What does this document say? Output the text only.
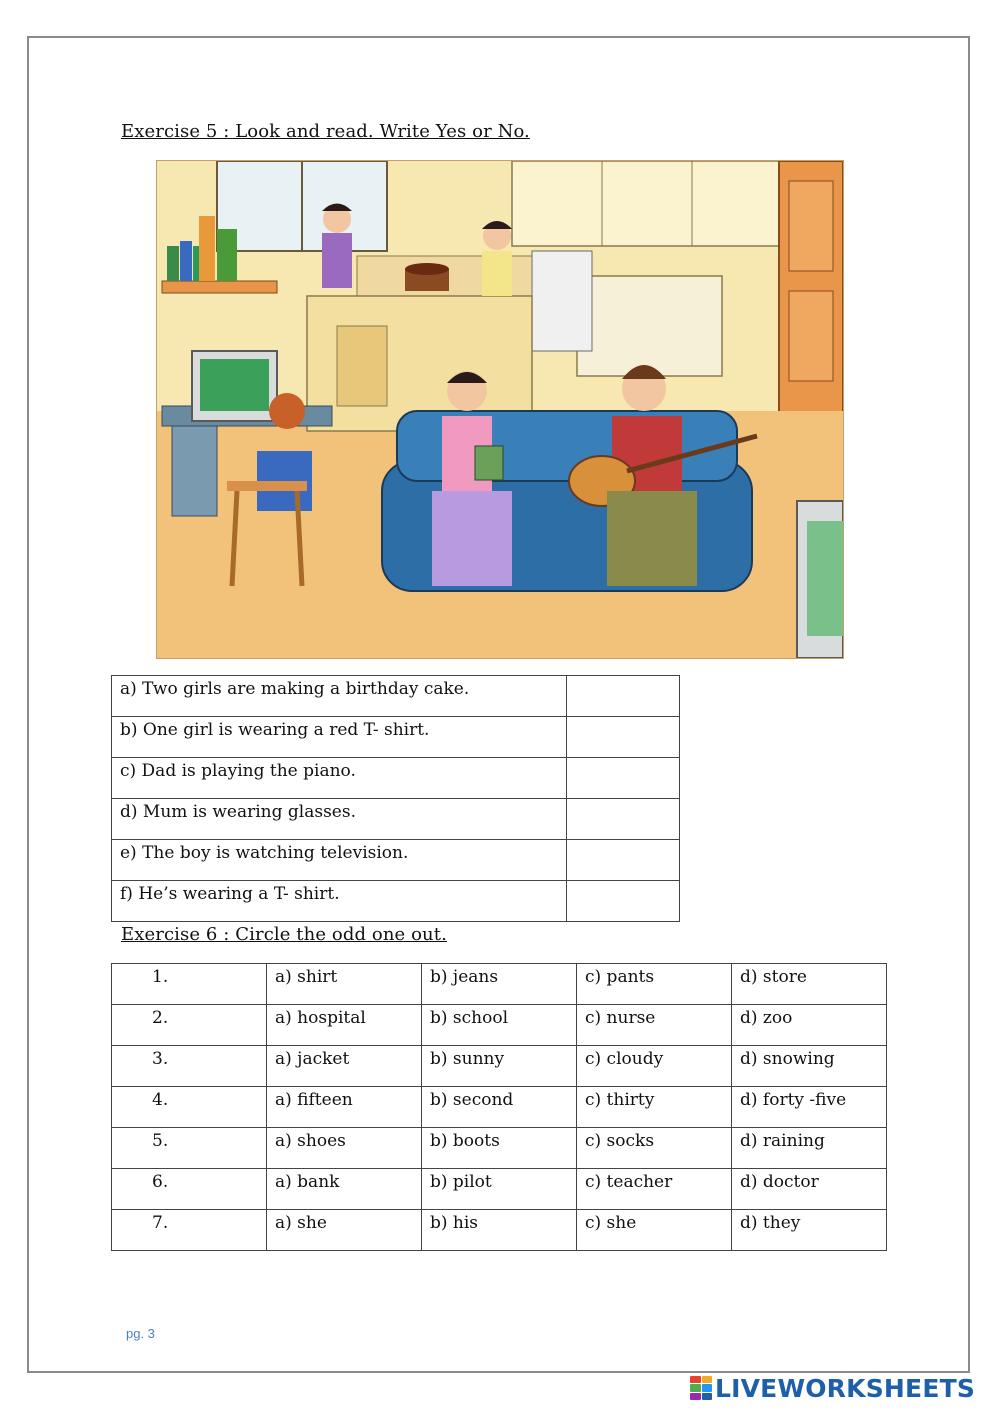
Exercise 5 : Look and read. Write Yes or No.
a) Two girls are making a birthday cake.	
b) One girl is wearing a red T- shirt.	
c) Dad is playing the piano.	
d) Mum is wearing glasses.	
e) The boy is watching television.	
f) He’s wearing a T- shirt.	
Exercise 6 : Circle the odd one out.
1.	a) shirt	b) jeans	c) pants	d) store
2.	a) hospital	b) school	c) nurse	d) zoo
3.	a) jacket	b) sunny	c) cloudy	d) snowing
4.	a) fifteen	b) second	c) thirty	d) forty -five
5.	a) shoes	b) boots	c) socks	d) raining
6.	a) bank	b) pilot	c) teacher	d) doctor
7.	a) she	b) his	c) she	d) they
pg. 3
LIVEWORKSHEETS
